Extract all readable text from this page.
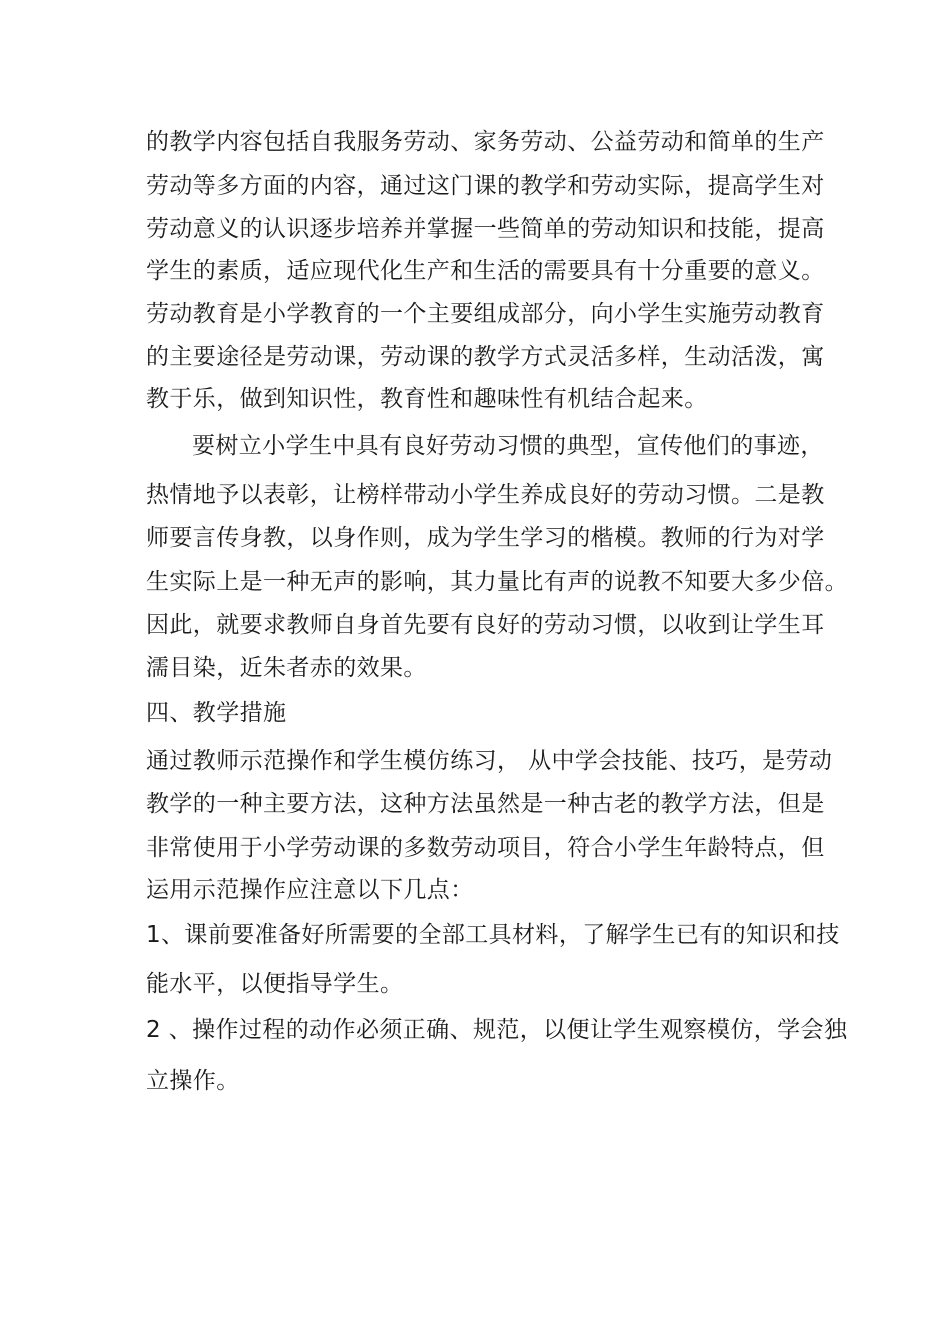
的教学内容包括自我服务劳动、家务劳动、公益劳动和简单的生产
劳动等多方面的内容，通过这门课的教学和劳动实际，提高学生对
劳动意义的认识逐步培养并掌握一些简单的劳动知识和技能，提高
学生的素质，适应现代化生产和生活的需要具有十分重要的意义。
劳动教育是小学教育的一个主要组成部分，向小学生实施劳动教育
的主要途径是劳动课，劳动课的教学方式灵活多样，生动活泼，寓
教于乐，做到知识性，教育性和趣味性有机结合起来。
要树立小学生中具有良好劳动习惯的典型，宣传他们的事迹，
热情地予以表彰，让榜样带动小学生养成良好的劳动习惯。二是教
师要言传身教，以身作则，成为学生学习的楷模。教师的行为对学
生实际上是一种无声的影响，其力量比有声的说教不知要大多少倍。
因此，就要求教师自身首先要有良好的劳动习惯，以收到让学生耳
濡目染，近朱者赤的效果。
四、教学措施
通过教师示范操作和学生模仿练习， 从中学会技能、技巧，是劳动
教学的一种主要方法，这种方法虽然是一种古老的教学方法，但是
非常使用于小学劳动课的多数劳动项目，符合小学生年龄特点，但
运用示范操作应注意以下几点：
1、课前要准备好所需要的全部工具材料，了解学生已有的知识和技
能水平，以便指导学生。
2 、操作过程的动作必须正确、规范，以便让学生观察模仿，学会独
立操作。
